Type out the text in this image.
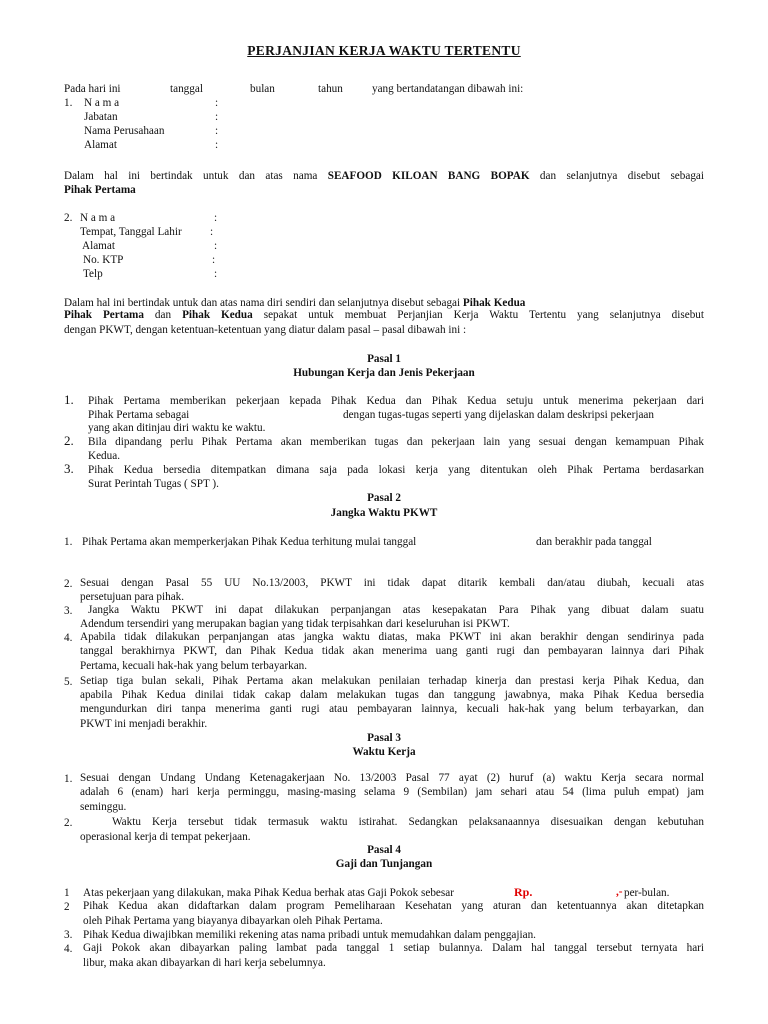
PERJANJIAN KERJA WAKTU TERTENTU
Pada hari ini	tanggal	bulan	tahun	yang bertandatangan dibawah ini:
1. N a m a	:
Jabatan	:
Nama Perusahaan	:
Alamat	:
Dalam hal ini bertindak untuk dan atas nama SEAFOOD KILOAN BANG BOPAK dan selanjutnya disebut sebagai
Pihak Pertama
2. N a m a	:
Tempat, Tanggal Lahir	:
Alamat	:
No. KTP	:
Telp	:
Dalam hal ini bertindak untuk dan atas nama diri sendiri dan selanjutnya disebut sebagai Pihak Kedua
Pihak Pertama dan Pihak Kedua sepakat untuk membuat Perjanjian Kerja Waktu Tertentu yang selanjutnya disebut
dengan PKWT, dengan ketentuan-ketentuan yang diatur dalam pasal – pasal dibawah ini :
Pasal 1
Hubungan Kerja dan Jenis Pekerjaan
1. Pihak Pertama memberikan pekerjaan kepada Pihak Kedua dan Pihak Kedua setuju untuk menerima pekerjaan dari
Pihak Pertama sebagai	dengan tugas-tugas seperti yang dijelaskan dalam deskripsi pekerjaan
yang akan ditinjau diri waktu ke waktu.
2. Bila dipandang perlu Pihak Pertama akan memberikan tugas dan pekerjaan lain yang sesuai dengan kemampuan Pihak
Kedua.
3. Pihak Kedua bersedia ditempatkan dimana saja pada lokasi kerja yang ditentukan oleh Pihak Pertama berdasarkan
Surat Perintah Tugas ( SPT ).
Pasal 2
Jangka Waktu PKWT
1. Pihak Pertama akan memperkerjakan Pihak Kedua terhitung mulai tanggal	dan berakhir pada tanggal
2. Sesuai dengan Pasal 55 UU No.13/2003, PKWT ini tidak dapat ditarik kembali dan/atau diubah, kecuali atas
persetujuan para pihak.
3. Jangka Waktu PKWT ini dapat dilakukan perpanjangan atas kesepakatan Para Pihak yang dibuat dalam suatu
Adendum tersendiri yang merupakan bagian yang tidak terpisahkan dari keseluruhan isi PKWT.
4. Apabila tidak dilakukan perpanjangan atas jangka waktu diatas, maka PKWT ini akan berakhir dengan sendirinya pada
tanggal berakhirnya PKWT, dan Pihak Kedua tidak akan menerima uang ganti rugi dan pembayaran lainnya dari Pihak
Pertama, kecuali hak-hak yang belum terbayarkan.
5. Setiap tiga bulan sekali, Pihak Pertama akan melakukan penilaian terhadap kinerja dan prestasi kerja Pihak Kedua, dan
apabila Pihak Kedua dinilai tidak cakap dalam melakukan tugas dan tanggung jawabnya, maka Pihak Kedua bersedia
mengundurkan diri tanpa menerima ganti rugi atau pembayaran lainnya, kecuali hak-hak yang belum terbayarkan, dan
PKWT ini menjadi berakhir.
Pasal 3
Waktu Kerja
1. Sesuai dengan Undang Undang Ketenagakerjaan No. 13/2003 Pasal 77 ayat (2) huruf (a) waktu Kerja secara normal
adalah 6 (enam) hari kerja perminggu, masing-masing selama 9 (Sembilan) jam sehari atau 54 (lima puluh empat) jam
seminggu.
2.	Waktu Kerja tersebut tidak termasuk waktu istirahat. Sedangkan pelaksanaannya disesuaikan dengan kebutuhan
operasional kerja di tempat pekerjaan.
Pasal 4
Gaji dan Tunjangan
1 Atas pekerjaan yang dilakukan, maka Pihak Kedua berhak atas Gaji Pokok sebesar	Rp.	,- per-bulan.
2 Pihak Kedua akan didaftarkan dalam program Pemeliharaan Kesehatan yang aturan dan ketentuannya akan ditetapkan
oleh Pihak Pertama yang biayanya dibayarkan oleh Pihak Pertama.
3. Pihak Kedua diwajibkan memiliki rekening atas nama pribadi untuk memudahkan dalam penggajian.
4. Gaji Pokok akan dibayarkan paling lambat pada tanggal 1 setiap bulannya. Dalam hal tanggal tersebut ternyata hari
libur, maka akan dibayarkan di hari kerja sebelumnya.
